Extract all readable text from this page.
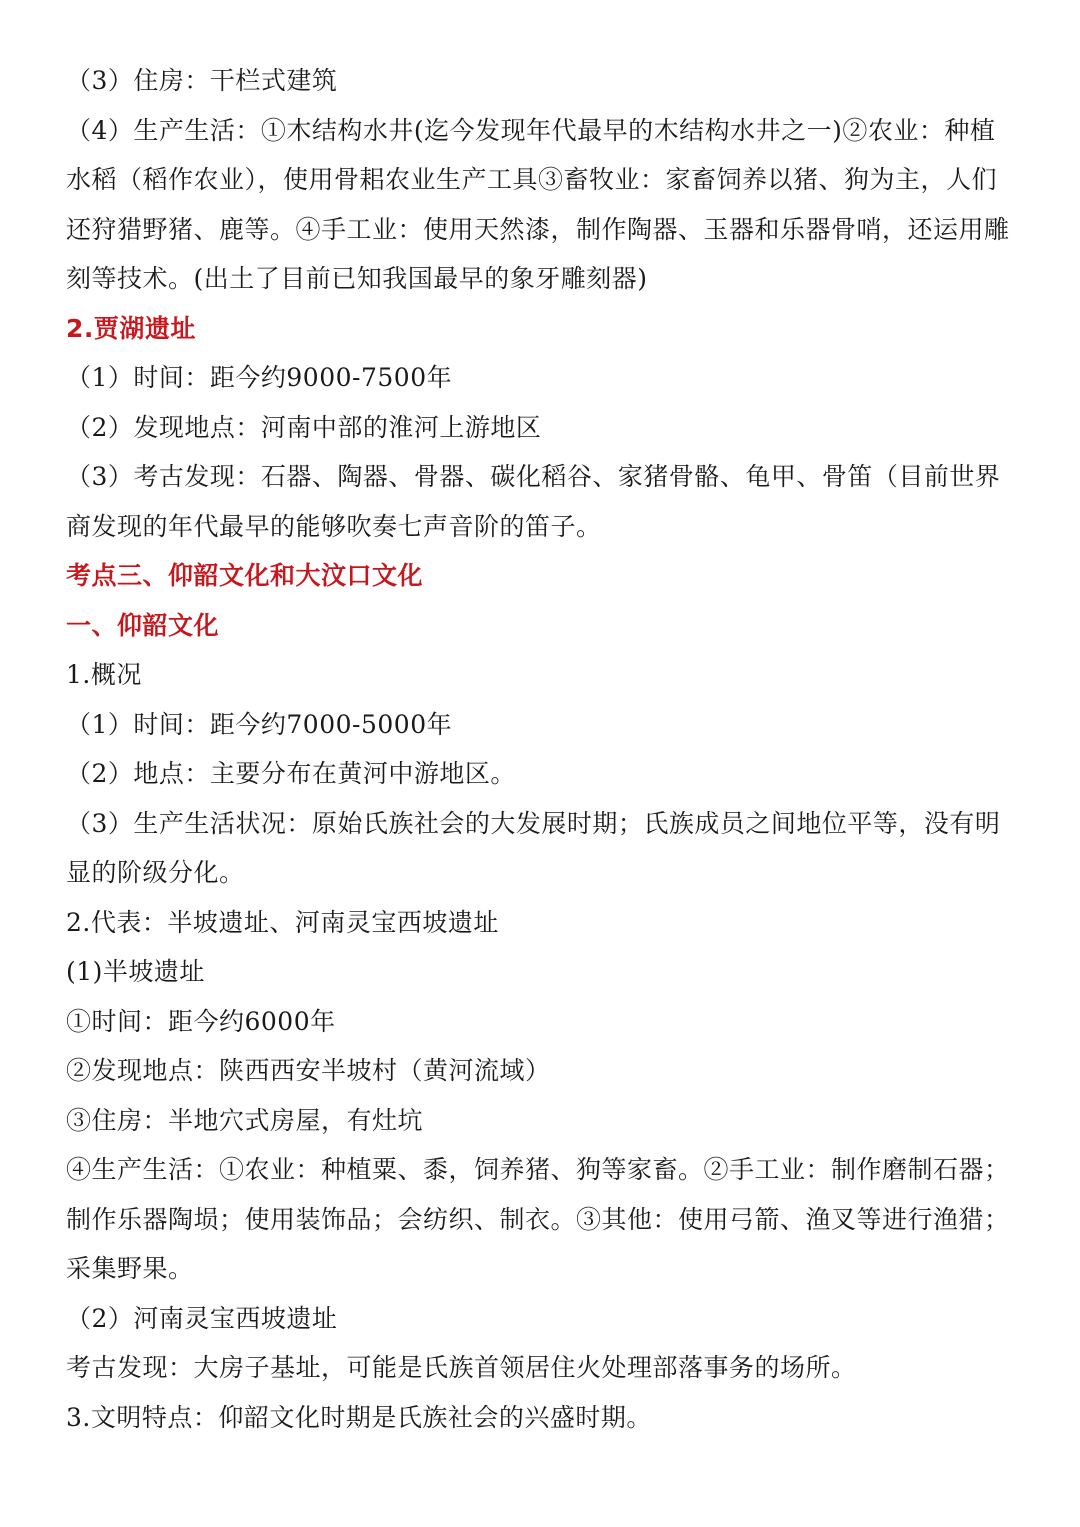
（3）住房：干栏式建筑

（4）生产生活：①木结构水井(迄今发现年代最早的木结构水井之一)②农业：种植水稻（稻作农业），使用骨耜农业生产工具③畜牧业：家畜饲养以猪、狗为主，人们还狩猎野猪、鹿等。④手工业：使用天然漆，制作陶器、玉器和乐器骨哨，还运用雕刻等技术。(出土了目前已知我国最早的象牙雕刻器)

2.贾湖遗址

（1）时间：距今约9000-7500年

（2）发现地点：河南中部的淮河上游地区

（3）考古发现：石器、陶器、骨器、碳化稻谷、家猪骨骼、龟甲、骨笛（目前世界商发现的年代最早的能够吹奏七声音阶的笛子。

考点三、仰韶文化和大汶口文化

一、仰韶文化

1.概况

（1）时间：距今约7000-5000年

（2）地点：主要分布在黄河中游地区。

（3）生产生活状况：原始氏族社会的大发展时期；氏族成员之间地位平等，没有明显的阶级分化。

2.代表：半坡遗址、河南灵宝西坡遗址

(1)半坡遗址

①时间：距今约6000年

②发现地点：陕西西安半坡村（黄河流域）

③住房：半地穴式房屋，有灶坑

④生产生活：①农业：种植粟、黍，饲养猪、狗等家畜。②手工业：制作磨制石器；制作乐器陶埙；使用装饰品；会纺织、制衣。③其他：使用弓箭、渔叉等进行渔猎；采集野果。

（2）河南灵宝西坡遗址

考古发现：大房子基址，可能是氏族首领居住火处理部落事务的场所。

3.文明特点：仰韶文化时期是氏族社会的兴盛时期。
